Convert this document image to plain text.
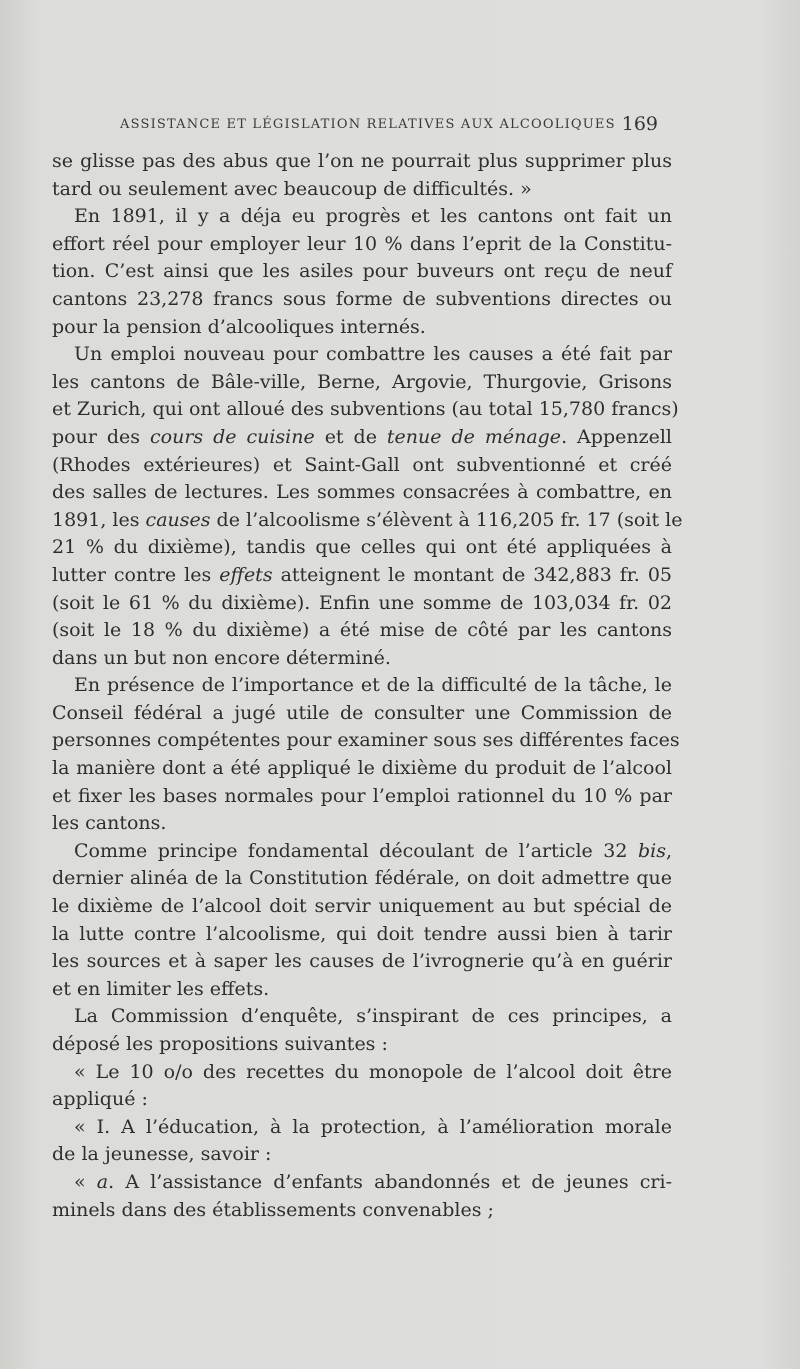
ASSISTANCE ET LÉGISLATION RELATIVES AUX ALCOOLIQUES 169
se glisse pas des abus que l’on ne pourrait plus supprimer plus
tard ou seulement avec beaucoup de difficultés. »
En 1891, il y a déja eu progrès et les cantons ont fait un
effort réel pour employer leur 10 % dans l’eprit de la Constitu-
tion. C’est ainsi que les asiles pour buveurs ont reçu de neuf
cantons 23,278 francs sous forme de subventions directes ou
pour la pension d’alcooliques internés.
Un emploi nouveau pour combattre les causes a été fait par
les cantons de Bâle-ville, Berne, Argovie, Thurgovie, Grisons
et Zurich, qui ont alloué des subventions (au total 15,780 francs)
pour des cours de cuisine et de tenue de ménage. Appenzell
(Rhodes extérieures) et Saint-Gall ont subventionné et créé
des salles de lectures. Les sommes consacrées à combattre, en
1891, les causes de l’alcoolisme s’élèvent à 116,205 fr. 17 (soit le
21 % du dixième), tandis que celles qui ont été appliquées à
lutter contre les effets atteignent le montant de 342,883 fr. 05
(soit le 61 % du dixième). Enfin une somme de 103,034 fr. 02
(soit le 18 % du dixième) a été mise de côté par les cantons
dans un but non encore déterminé.
En présence de l’importance et de la difficulté de la tâche, le
Conseil fédéral a jugé utile de consulter une Commission de
personnes compétentes pour examiner sous ses différentes faces
la manière dont a été appliqué le dixième du produit de l’alcool
et fixer les bases normales pour l’emploi rationnel du 10 % par
les cantons.
Comme principe fondamental découlant de l’article 32 bis,
dernier alinéa de la Constitution fédérale, on doit admettre que
le dixième de l’alcool doit servir uniquement au but spécial de
la lutte contre l’alcoolisme, qui doit tendre aussi bien à tarir
les sources et à saper les causes de l’ivrognerie qu’à en guérir
et en limiter les effets.
La Commission d’enquête, s’inspirant de ces principes, a
déposé les propositions suivantes :
« Le 10 o/o des recettes du monopole de l’alcool doit être
appliqué :
« I. A l’éducation, à la protection, à l’amélioration morale
de la jeunesse, savoir :
« a. A l’assistance d’enfants abandonnés et de jeunes cri-
minels dans des établissements convenables ;
